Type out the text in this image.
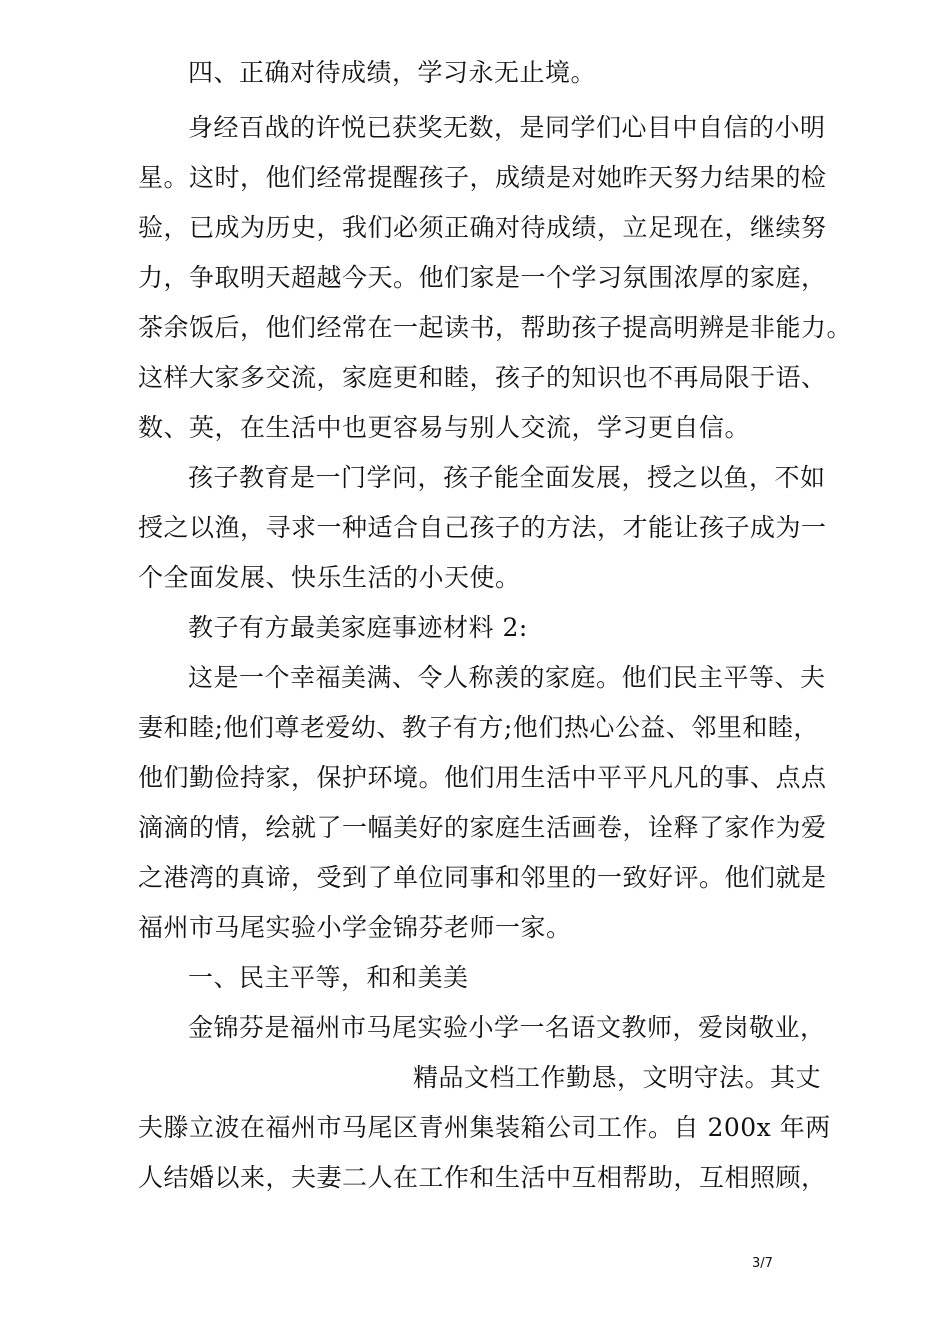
四、正确对待成绩，学习永无止境。
身经百战的许悦已获奖无数，是同学们心目中自信的小明
星。这时，他们经常提醒孩子，成绩是对她昨天努力结果的检
验，已成为历史，我们必须正确对待成绩，立足现在，继续努
力，争取明天超越今天。他们家是一个学习氛围浓厚的家庭，
茶余饭后，他们经常在一起读书，帮助孩子提高明辨是非能力。
这样大家多交流，家庭更和睦，孩子的知识也不再局限于语、
数、英，在生活中也更容易与别人交流，学习更自信。
孩子教育是一门学问，孩子能全面发展，授之以鱼，不如
授之以渔，寻求一种适合自己孩子的方法，才能让孩子成为一
个全面发展、快乐生活的小天使。
教子有方最美家庭事迹材料 2:
这是一个幸福美满、令人称羡的家庭。他们民主平等、夫
妻和睦;他们尊老爱幼、教子有方;他们热心公益、邻里和睦，
他们勤俭持家，保护环境。他们用生活中平平凡凡的事、点点
滴滴的情，绘就了一幅美好的家庭生活画卷，诠释了家作为爱
之港湾的真谛，受到了单位同事和邻里的一致好评。他们就是
福州市马尾实验小学金锦芬老师一家。
一、民主平等，和和美美
金锦芬是福州市马尾实验小学一名语文教师，爱岗敬业，
精品文档工作勤恳，文明守法。其丈
夫滕立波在福州市马尾区青州集装箱公司工作。自 200x 年两
人结婚以来，夫妻二人在工作和生活中互相帮助，互相照顾，
3/7
